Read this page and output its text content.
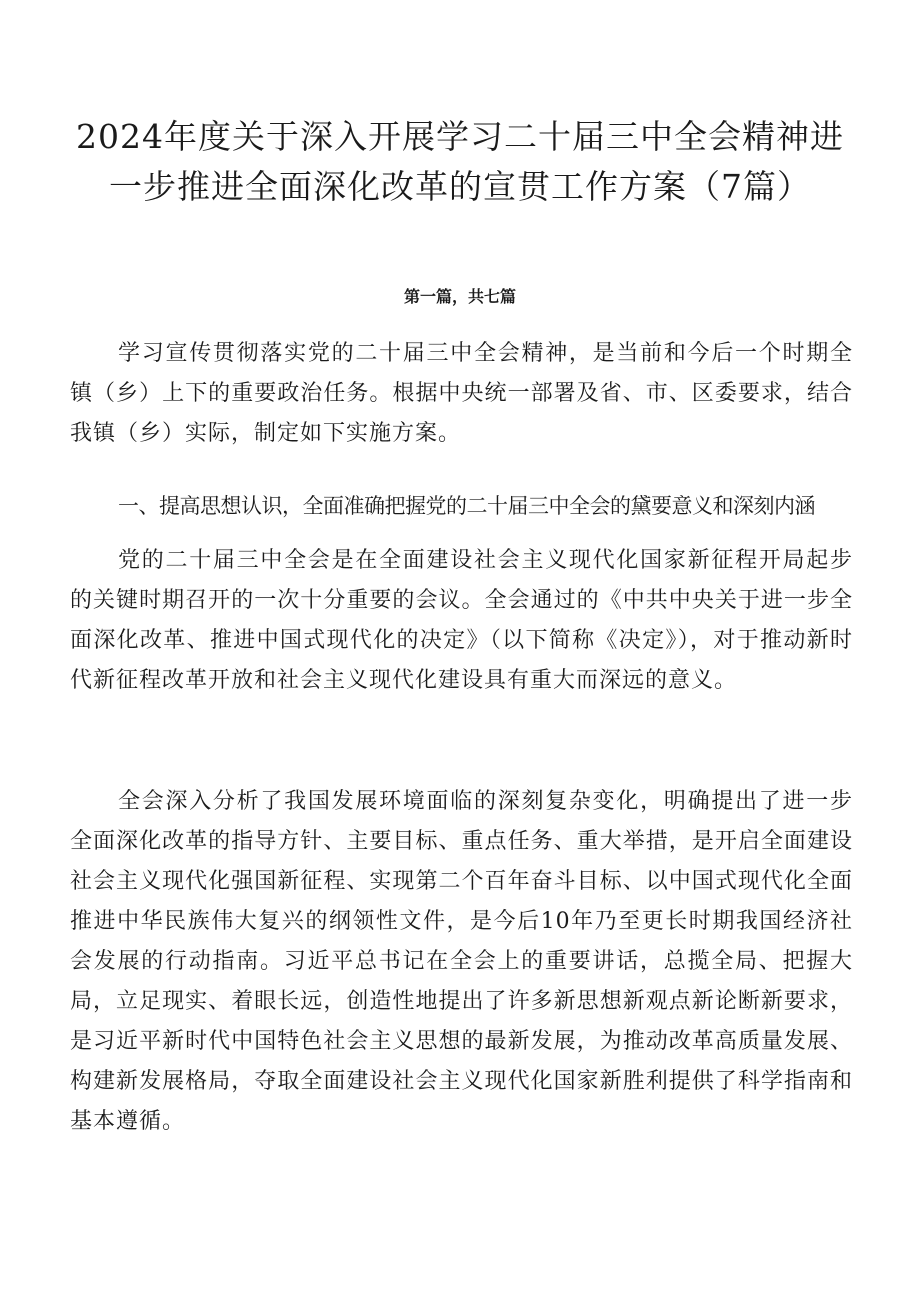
2024年度关于深入开展学习二十届三中全会精神进一步推进全面深化改革的宣贯工作方案（7篇）
第一篇，共七篇

学习宣传贯彻落实党的二十届三中全会精神，是当前和今后一个时期全镇（乡）上下的重要政治任务。根据中央统一部署及省、市、区委要求，结合我镇（乡）实际，制定如下实施方案。

一、提高思想认识，全面准确把握党的二十届三中全会的黛要意义和深刻内涵

党的二十届三中全会是在全面建设社会主义现代化国家新征程开局起步的关键时期召开的一次十分重要的会议。全会通过的《中共中央关于进一步全面深化改革、推进中国式现代化的决定》（以下简称《决定》），对于推动新时代新征程改革开放和社会主义现代化建设具有重大而深远的意义。

全会深入分析了我国发展环境面临的深刻复杂变化，明确提出了进一步全面深化改革的指导方针、主要目标、重点任务、重大举措，是开启全面建设社会主义现代化强国新征程、实现第二个百年奋斗目标、以中国式现代化全面推进中华民族伟大复兴的纲领性文件，是今后10年乃至更长时期我国经济社会发展的行动指南。习近平总书记在全会上的重要讲话，总揽全局、把握大局，立足现实、着眼长远，创造性地提出了许多新思想新观点新论断新要求，是习近平新时代中国特色社会主义思想的最新发展，为推动改革高质量发展、构建新发展格局，夺取全面建设社会主义现代化国家新胜利提供了科学指南和基本遵循。
